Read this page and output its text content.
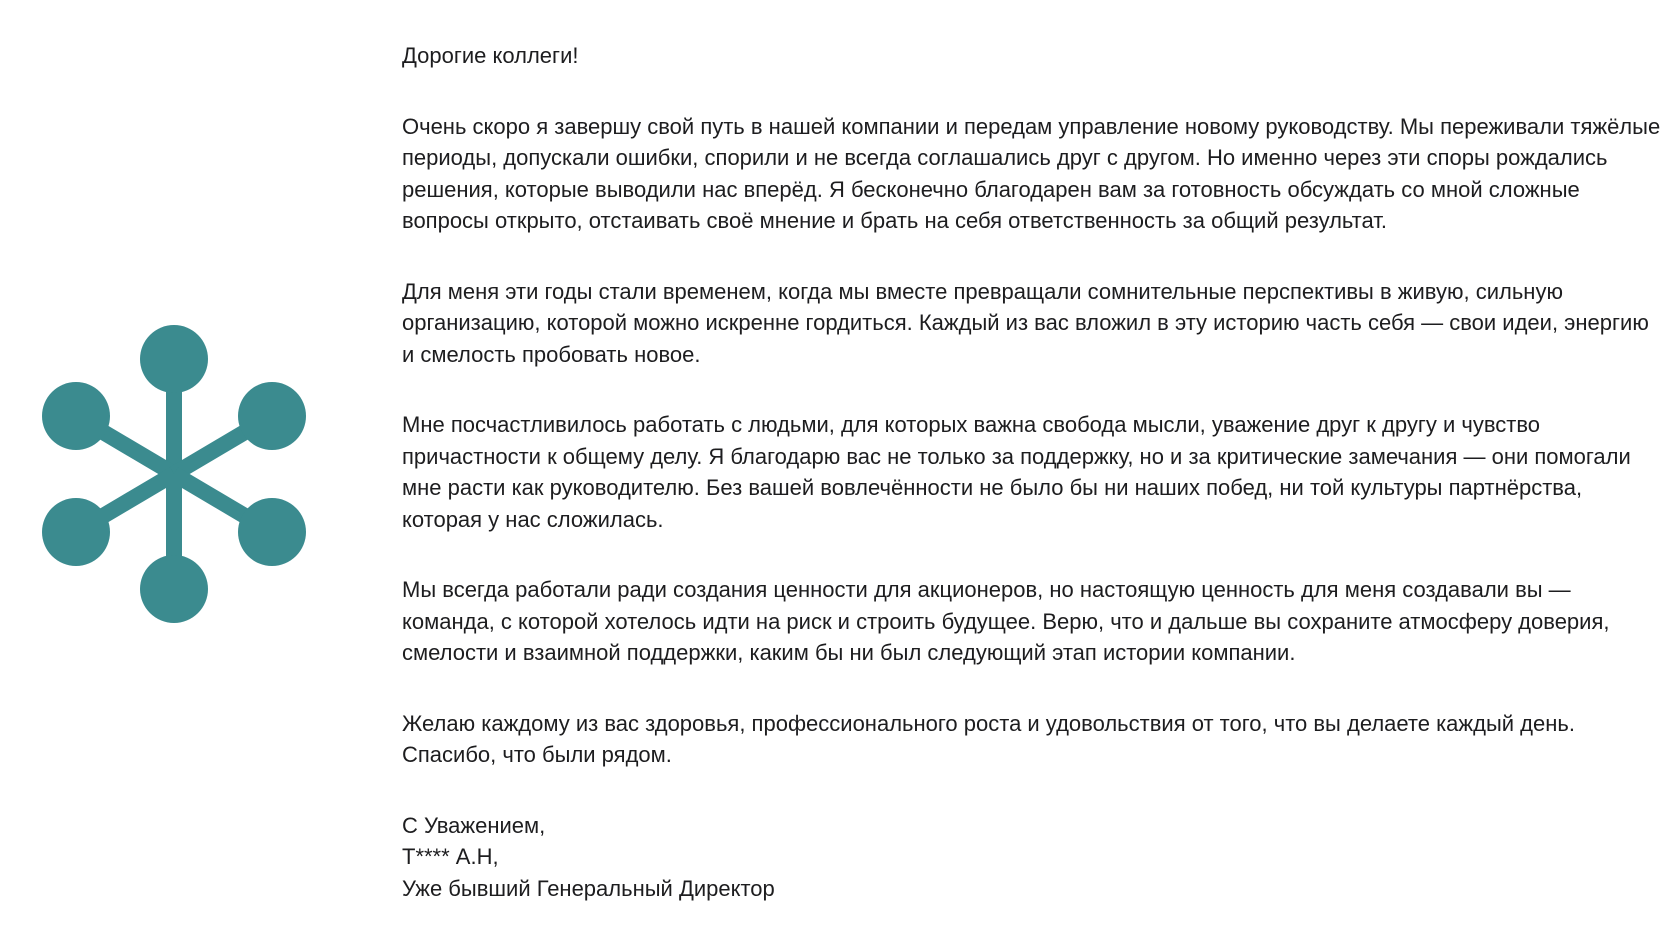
Дорогие коллеги!

Очень скоро я завершу свой путь в нашей компании и передам управление новому руководству. Мы переживали тяжёлые периоды, допускали ошибки, спорили и не всегда соглашались друг с другом. Но именно через эти споры рождались решения, которые выводили нас вперёд. Я бесконечно благодарен вам за готовность обсуждать со мной сложные вопросы открыто, отстаивать своё мнение и брать на себя ответственность за общий результат.

Для меня эти годы стали временем, когда мы вместе превращали сомнительные перспективы в живую, сильную организацию, которой можно искренне гордиться. Каждый из вас вложил в эту историю часть себя — свои идеи, энергию и смелость пробовать новое.

Мне посчастливилось работать с людьми, для которых важна свобода мысли, уважение друг к другу и чувство причастности к общему делу. Я благодарю вас не только за поддержку, но и за критические замечания — они помогали мне расти как руководителю. Без вашей вовлечённости не было бы ни наших побед, ни той культуры партнёрства, которая у нас сложилась.

Мы всегда работали ради создания ценности для акционеров, но настоящую ценность для меня создавали вы — команда, с которой хотелось идти на риск и строить будущее. Верю, что и дальше вы сохраните атмосферу доверия, смелости и взаимной поддержки, каким бы ни был следующий этап истории компании.

Желаю каждому из вас здоровья, профессионального роста и удовольствия от того, что вы делаете каждый день. Спасибо, что были рядом.

С Уважением,
Т**** А.Н,
Уже бывший Генеральный Директор
